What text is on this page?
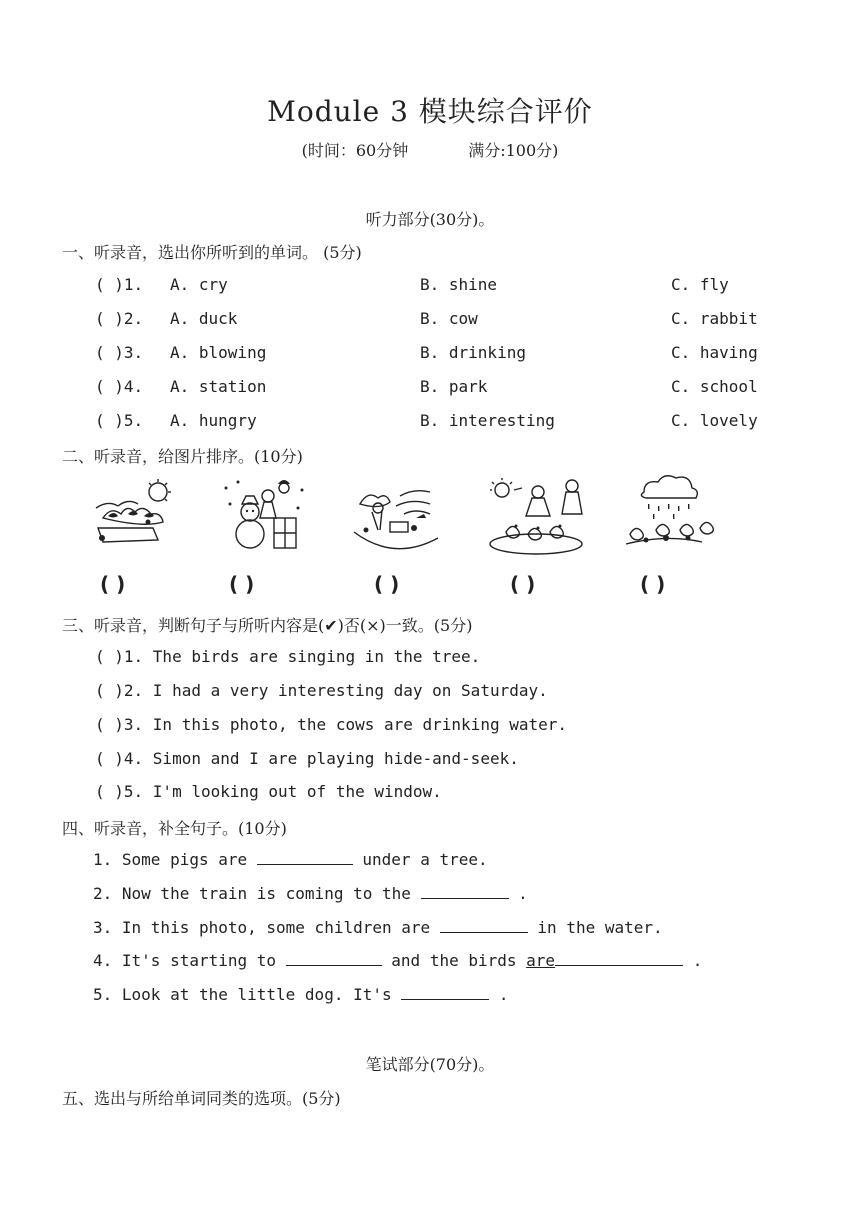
Module 3 模块综合评价
(时间：60分钟	满分:100分)
听力部分(30分)。
一、听录音，选出你所听到的单词。 (5分)
( )1. A. cry	B. shine	C. fly
( )2. A. duck	B. cow	C. rabbit
( )3. A. blowing	B. drinking	C. having
( )4. A. station	B. park	C. school
( )5. A. hungry	B. interesting	C. lovely
二、听录音，给图片排序。(10分)
( )	( )	( )	( )	( )
三、听录音，判断句子与所听内容是(✔)否(×)一致。(5分)
( )1. The birds are singing in the tree.
( )2. I had a very interesting day on Saturday.
( )3. In this photo, the cows are drinking water.
( )4. Simon and I are playing hide-and-seek.
( )5. I'm looking out of the window.
四、听录音，补全句子。(10分)
1. Some pigs are	under a tree.
2. Now the train is coming to the	.
3. In this photo, some children are	in the water.
4. It's starting to	and the birds are	.
5. Look at the little dog. It's	.
笔试部分(70分)。
五、选出与所给单词同类的选项。(5分)
